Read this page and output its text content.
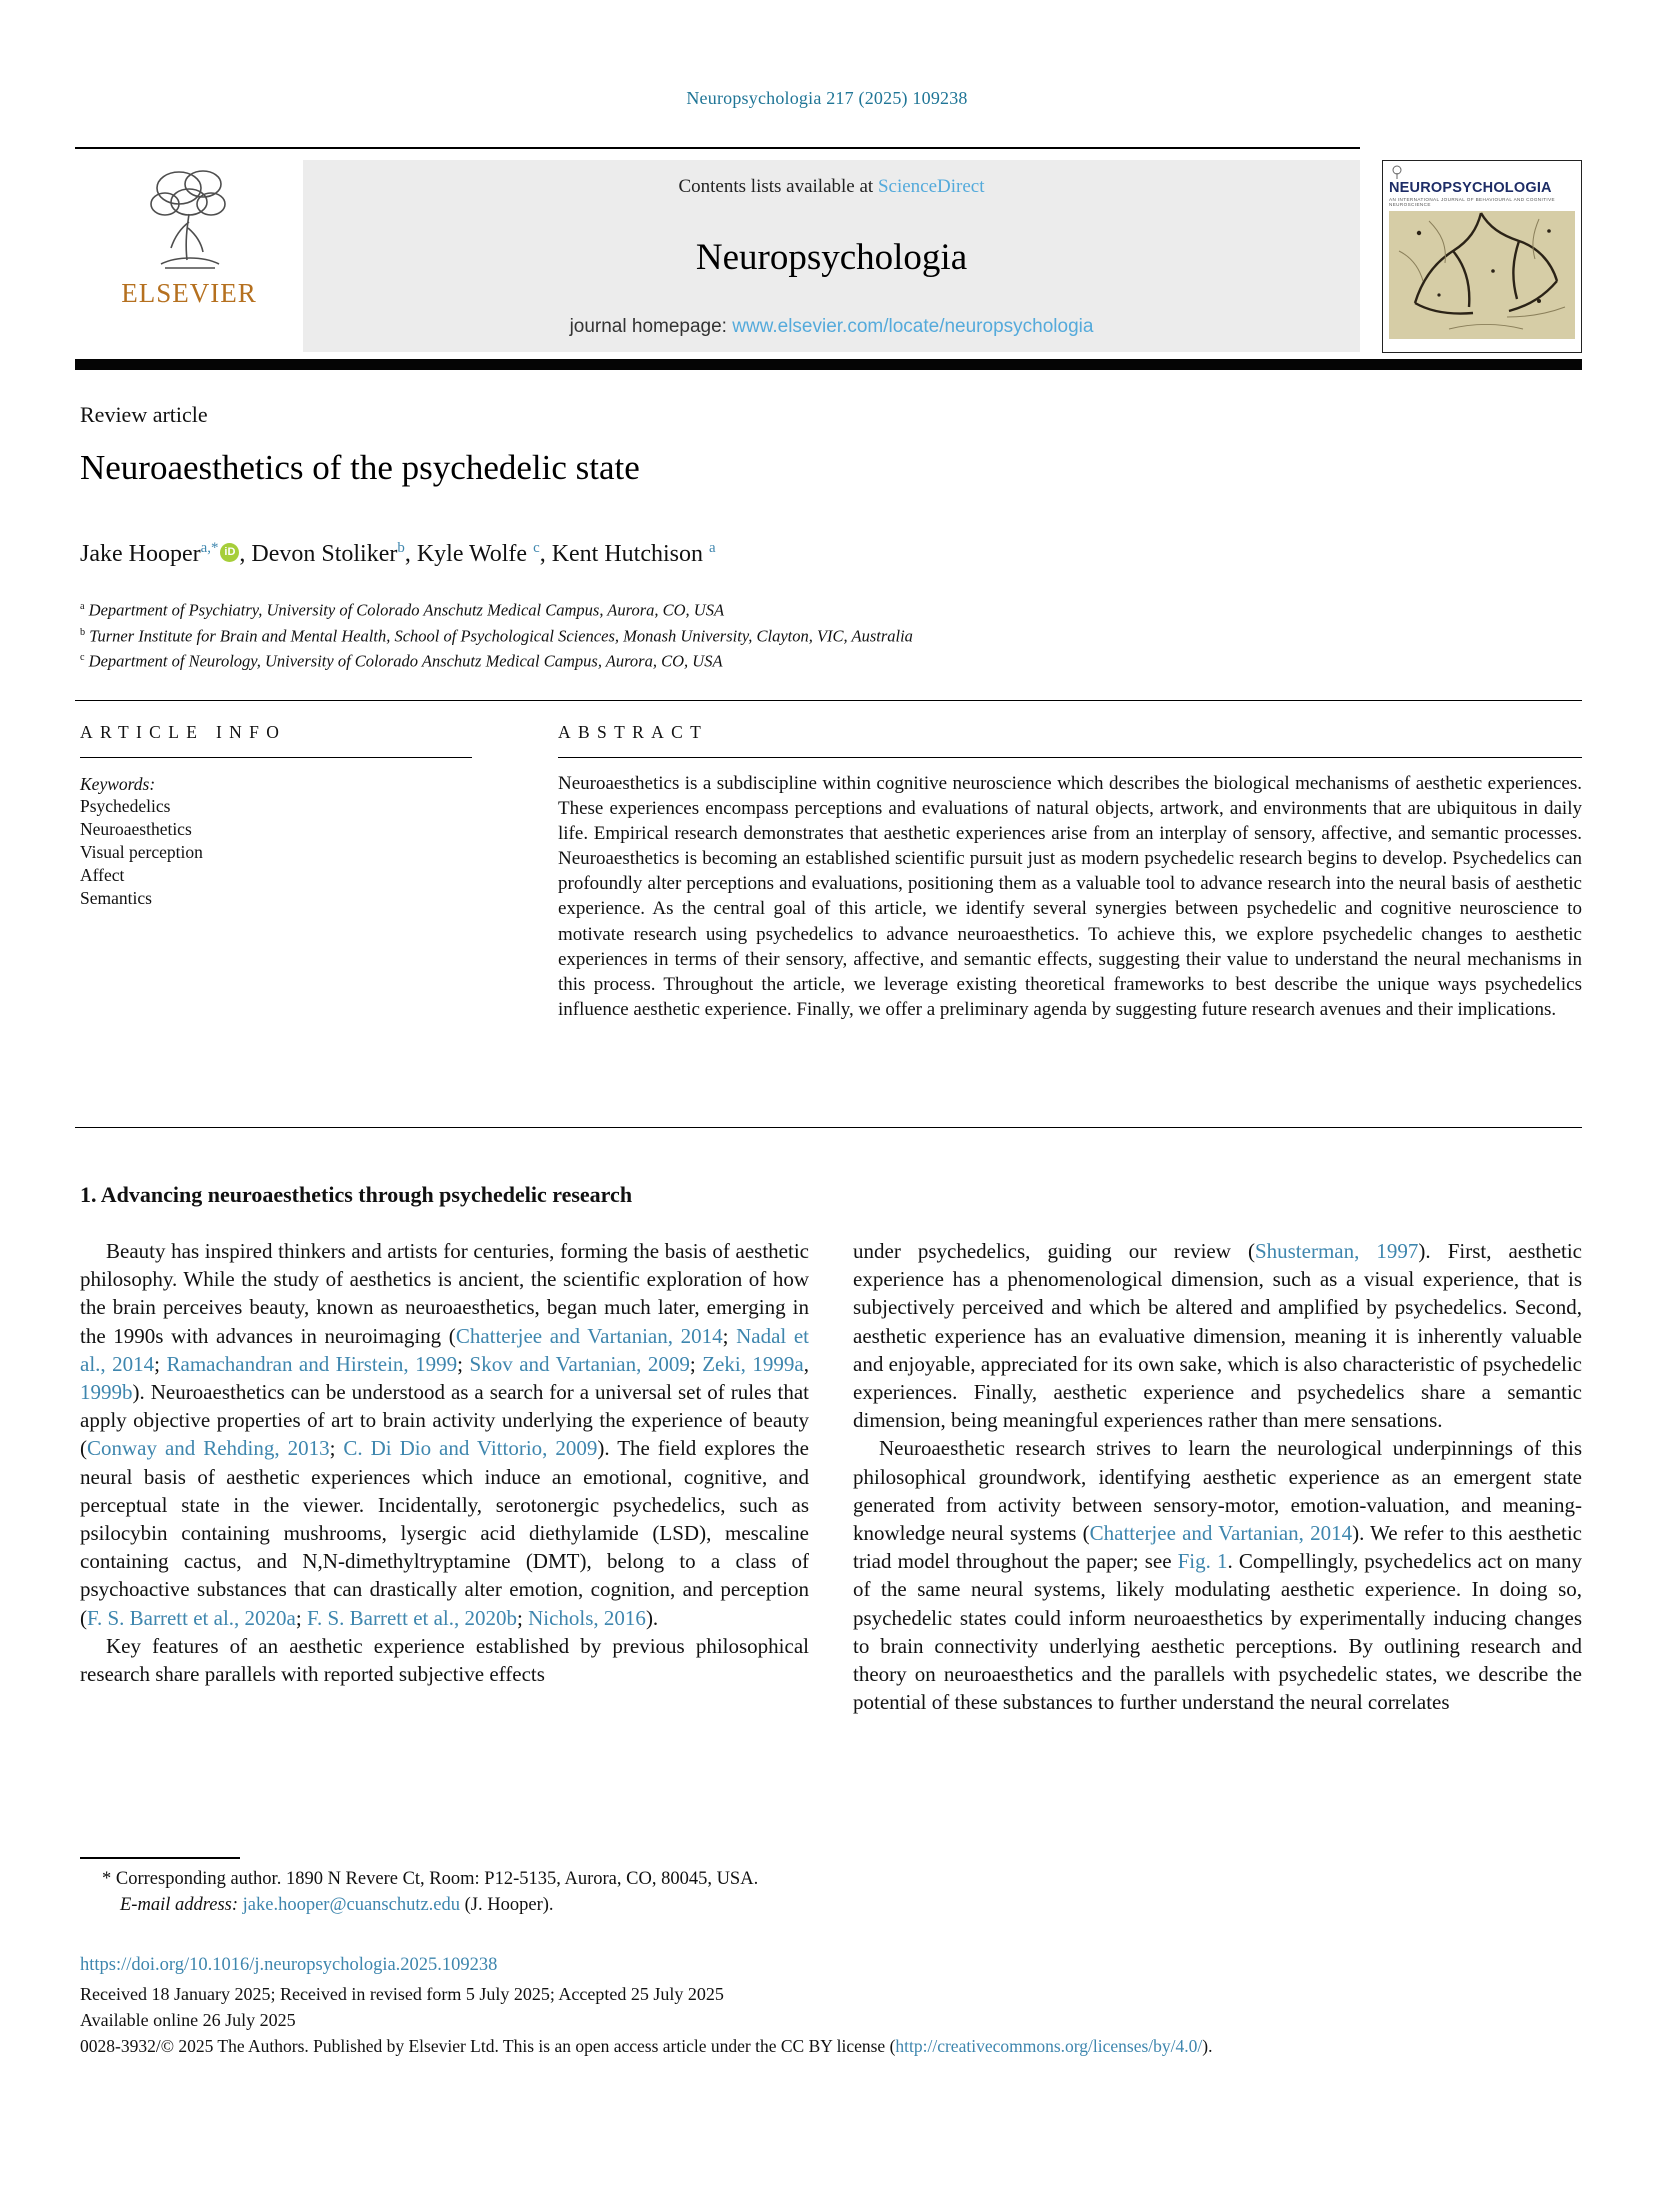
Neuropsychologia 217 (2025) 109238
ELSEVIER
Contents lists available at ScienceDirect
Neuropsychologia
journal homepage: www.elsevier.com/locate/neuropsychologia
NEUROPSYCHOLOGIA
AN INTERNATIONAL JOURNAL OF BEHAVIOURAL AND COGNITIVE NEUROSCIENCE
Review article
Neuroaesthetics of the psychedelic state
Jake Hooper$^{a,*}$ iD , Devon Stoliker$^b$, Kyle Wolfe $^c$, Kent Hutchison $^a$
$^a$ Department of Psychiatry, University of Colorado Anschutz Medical Campus, Aurora, CO, USA
$^b$ Turner Institute for Brain and Mental Health, School of Psychological Sciences, Monash University, Clayton, VIC, Australia
$^c$ Department of Neurology, University of Colorado Anschutz Medical Campus, Aurora, CO, USA
ARTICLE INFO
Keywords:
Psychedelics
Neuroaesthetics
Visual perception
Affect
Semantics
ABSTRACT
Neuroaesthetics is a subdiscipline within cognitive neuroscience which describes the biological mechanisms of aesthetic experiences. These experiences encompass perceptions and evaluations of natural objects, artwork, and environments that are ubiquitous in daily life. Empirical research demonstrates that aesthetic experiences arise from an interplay of sensory, affective, and semantic processes. Neuroaesthetics is becoming an established scientific pursuit just as modern psychedelic research begins to develop. Psychedelics can profoundly alter perceptions and evaluations, positioning them as a valuable tool to advance research into the neural basis of aesthetic experience. As the central goal of this article, we identify several synergies between psychedelic and cognitive neuroscience to motivate research using psychedelics to advance neuroaesthetics. To achieve this, we explore psychedelic changes to aesthetic experiences in terms of their sensory, affective, and semantic effects, suggesting their value to understand the neural mechanisms in this process. Throughout the article, we leverage existing theoretical frameworks to best describe the unique ways psychedelics influence aesthetic experience. Finally, we offer a preliminary agenda by suggesting future research avenues and their implications.
1. Advancing neuroaesthetics through psychedelic research

Beauty has inspired thinkers and artists for centuries, forming the basis of aesthetic philosophy. While the study of aesthetics is ancient, the scientific exploration of how the brain perceives beauty, known as neuroaesthetics, began much later, emerging in the 1990s with advances in neuroimaging (Chatterjee and Vartanian, 2014; Nadal et al., 2014; Ramachandran and Hirstein, 1999; Skov and Vartanian, 2009; Zeki, 1999a, 1999b). Neuroaesthetics can be understood as a search for a universal set of rules that apply objective properties of art to brain activity underlying the experience of beauty (Conway and Rehding, 2013; C. Di Dio and Vittorio, 2009). The field explores the neural basis of aesthetic experiences which induce an emotional, cognitive, and perceptual state in the viewer. Incidentally, serotonergic psychedelics, such as psilocybin containing mushrooms, lysergic acid diethylamide (LSD), mescaline containing cactus, and N,N-dimethyltryptamine (DMT), belong to a class of psychoactive substances that can drastically alter emotion, cognition, and perception (F. S. Barrett et al., 2020a; F. S. Barrett et al., 2020b; Nichols, 2016).

Key features of an aesthetic experience established by previous philosophical research share parallels with reported subjective effects

under psychedelics, guiding our review (Shusterman, 1997). First, aesthetic experience has a phenomenological dimension, such as a visual experience, that is subjectively perceived and which be altered and amplified by psychedelics. Second, aesthetic experience has an evaluative dimension, meaning it is inherently valuable and enjoyable, appreciated for its own sake, which is also characteristic of psychedelic experiences. Finally, aesthetic experience and psychedelics share a semantic dimension, being meaningful experiences rather than mere sensations.

Neuroaesthetic research strives to learn the neurological underpinnings of this philosophical groundwork, identifying aesthetic experience as an emergent state generated from activity between sensory-motor, emotion-valuation, and meaning-knowledge neural systems (Chatterjee and Vartanian, 2014). We refer to this aesthetic triad model throughout the paper; see Fig. 1. Compellingly, psychedelics act on many of the same neural systems, likely modulating aesthetic experience. In doing so, psychedelic states could inform neuroaesthetics by experimentally inducing changes to brain connectivity underlying aesthetic perceptions. By outlining research and theory on neuroaesthetics and the parallels with psychedelic states, we describe the potential of these substances to further understand the neural correlates

* Corresponding author. 1890 N Revere Ct, Room: P12-5135, Aurora, CO, 80045, USA.
E-mail address: jake.hooper@cuanschutz.edu (J. Hooper).
https://doi.org/10.1016/j.neuropsychologia.2025.109238
Received 18 January 2025; Received in revised form 5 July 2025; Accepted 25 July 2025
Available online 26 July 2025
0028-3932/© 2025 The Authors. Published by Elsevier Ltd. This is an open access article under the CC BY license (http://creativecommons.org/licenses/by/4.0/).
